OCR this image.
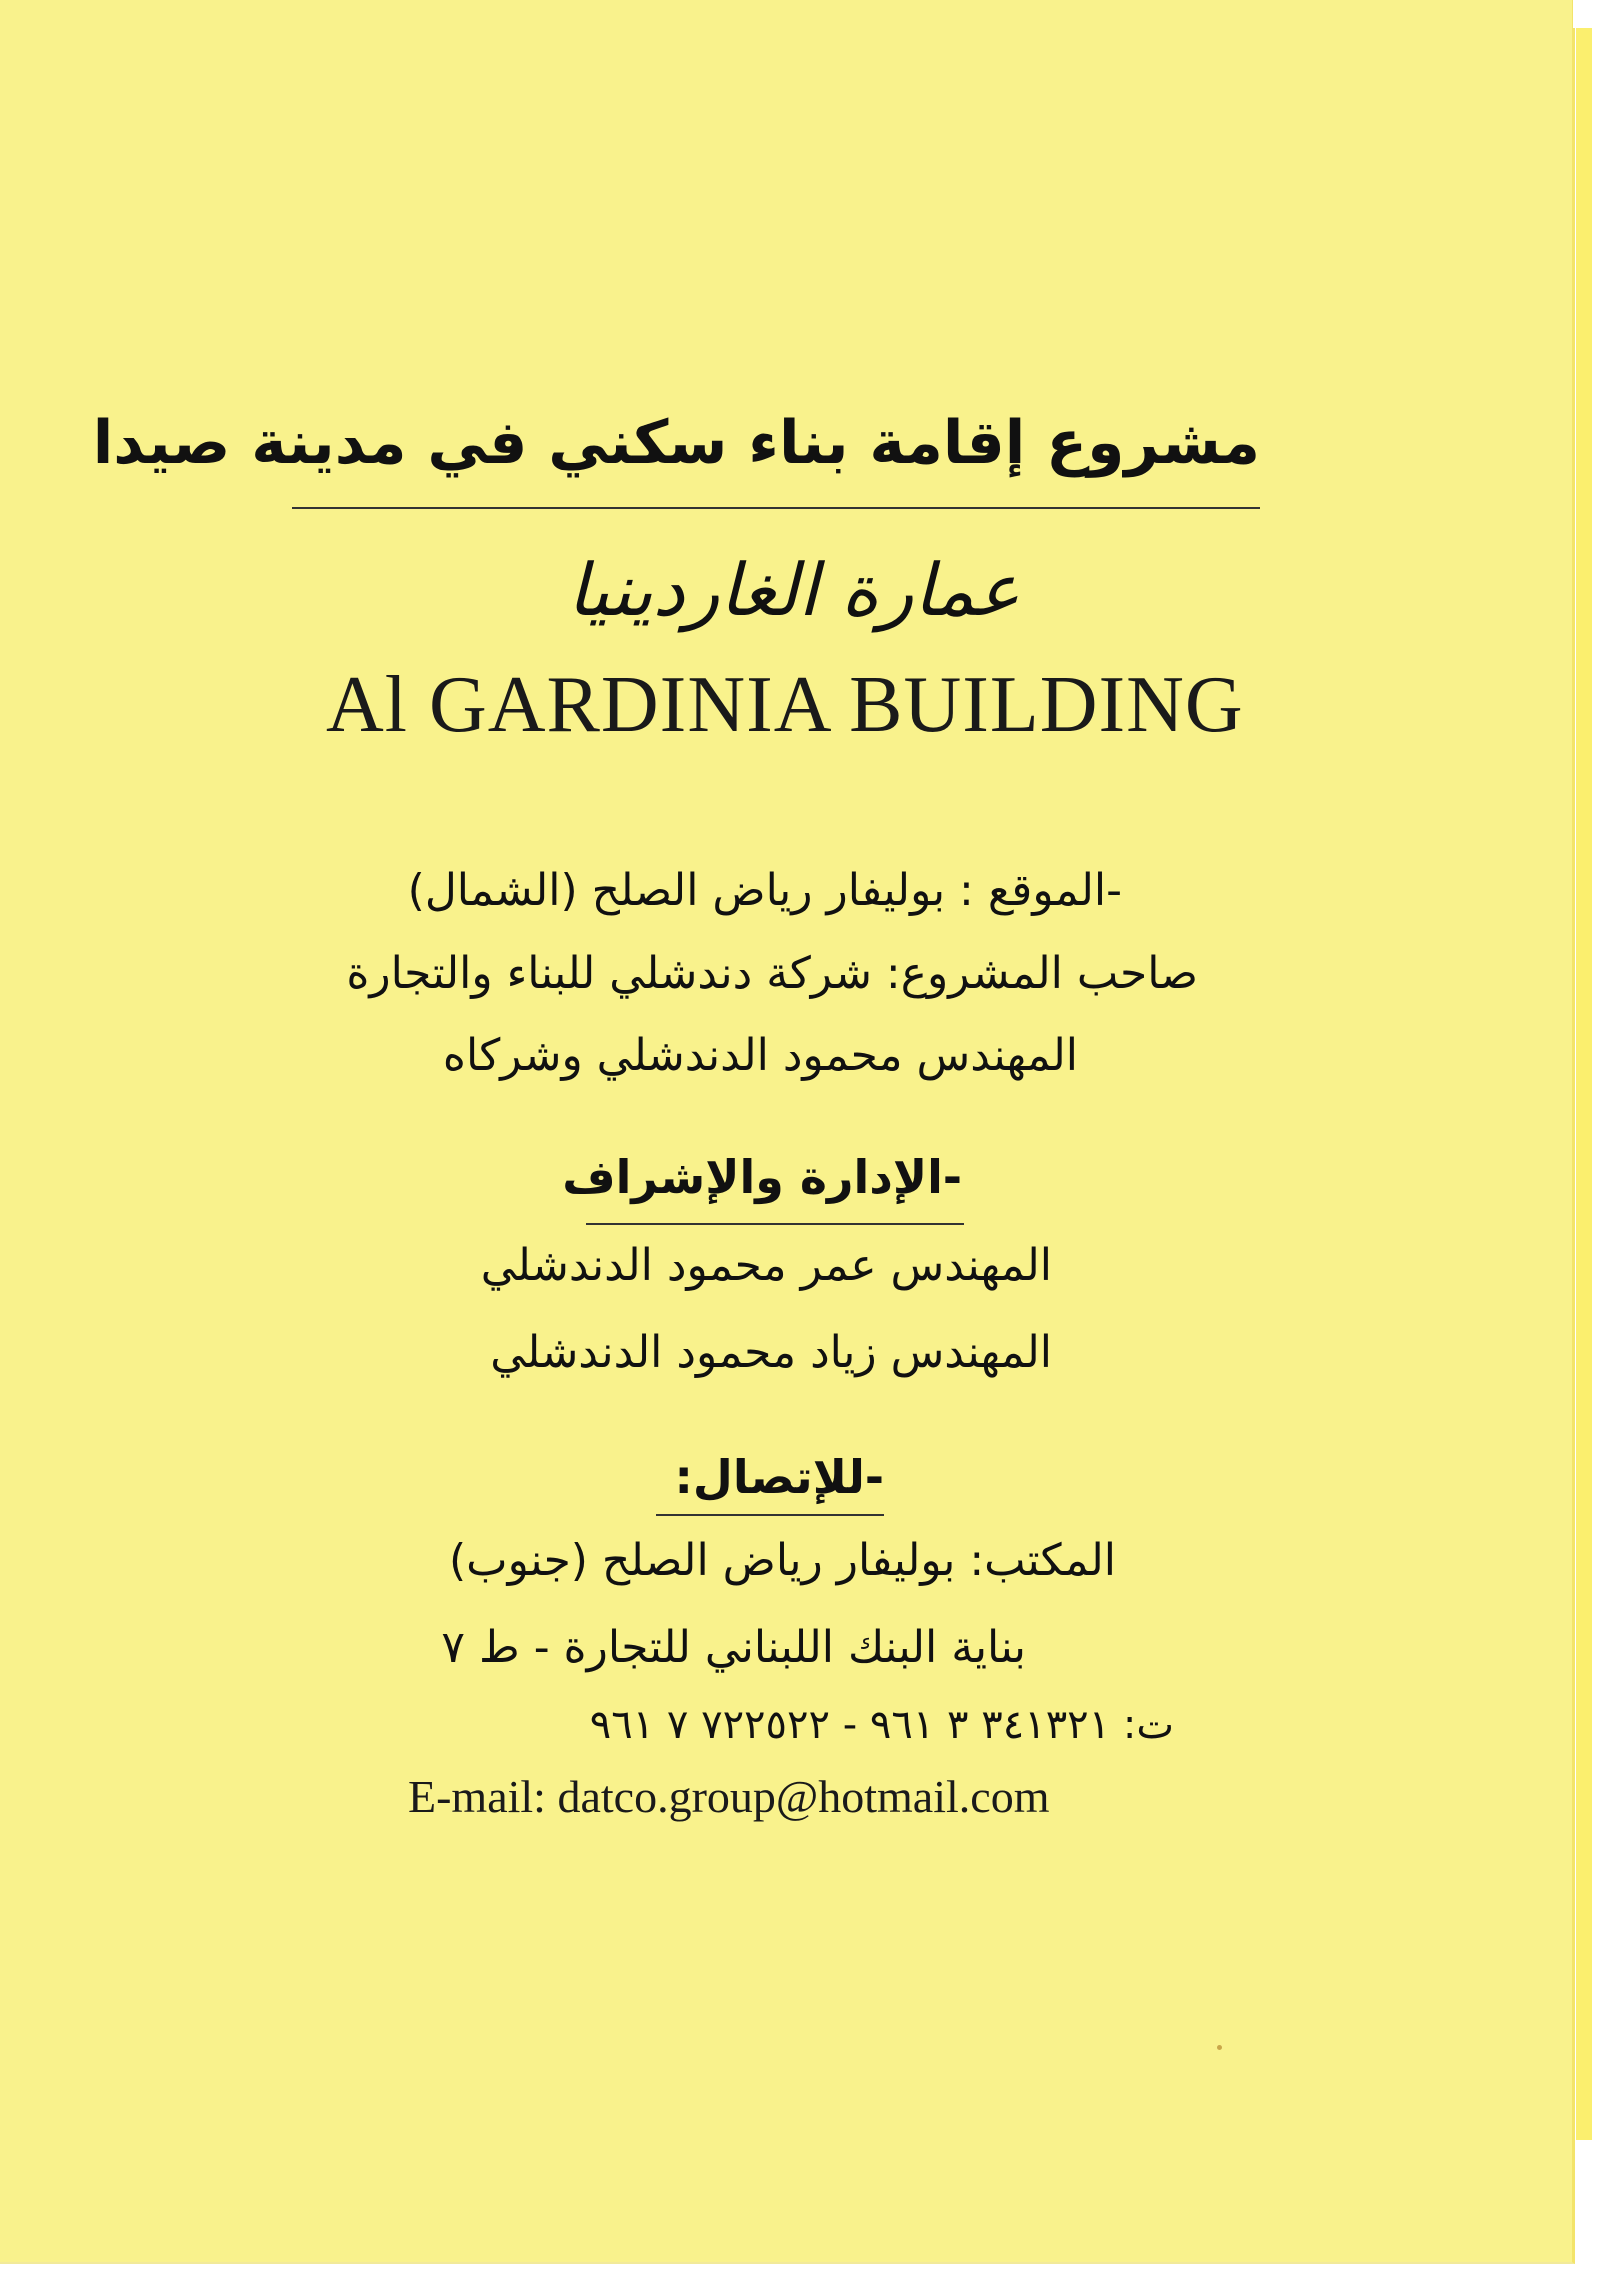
مشروع إقامة بناء سكني في مدينة صيدا
عمارة الغاردينيا
Al GARDINIA BUILDING
-الموقع : بوليفار رياض الصلح (الشمال)
صاحب المشروع: شركة دندشلي للبناء والتجارة
المهندس محمود الدندشلي وشركاه
-الإدارة والإشراف
المهندس عمر محمود الدندشلي
المهندس زياد محمود الدندشلي
-للإتصال:
المكتب: بوليفار رياض الصلح (جنوب)
بناية البنك اللبناني للتجارة - ط ٧
ت: ٣٤١٣٢١ ٣ ٩٦١ - ٧٢٢٥٢٢ ٧ ٩٦١
E-mail: datco.group@hotmail.com
